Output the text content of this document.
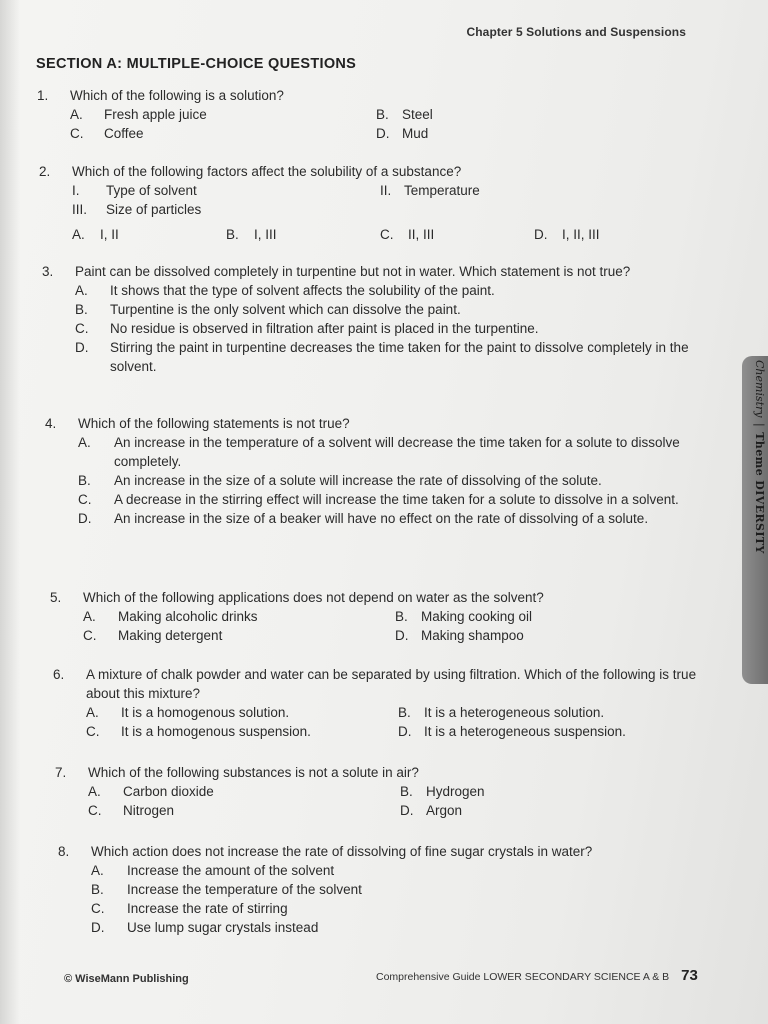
Chapter 5 Solutions and Suspensions
SECTION A: MULTIPLE-CHOICE QUESTIONS
1. Which of the following is a solution?
A.	Fresh apple juice	B. Steel
C.	Coffee	D. Mud
2. Which of the following factors affect the solubility of a substance?
I.	Type of solvent	II. Temperature
III.	Size of particles
A.	I, II	B.	I, III	C.	II, III	D.	I, II, III
3. Paint can be dissolved completely in turpentine but not in water. Which statement is not true?
A.	It shows that the type of solvent affects the solubility of the paint.
B.	Turpentine is the only solvent which can dissolve the paint.
C.	No residue is observed in filtration after paint is placed in the turpentine.
D.	Stirring the paint in turpentine decreases the time taken for the paint to dissolve completely in the solvent.
4. Which of the following statements is not true?
A.	An increase in the temperature of a solvent will decrease the time taken for a solute to dissolve completely.
B.	An increase in the size of a solute will increase the rate of dissolving of the solute.
C.	A decrease in the stirring effect will increase the time taken for a solute to dissolve in a solvent.
D.	An increase in the size of a beaker will have no effect on the rate of dissolving of a solute.
5. Which of the following applications does not depend on water as the solvent?
A.	Making alcoholic drinks	B. Making cooking oil
C.	Making detergent	D. Making shampoo
6. A mixture of chalk powder and water can be separated by using filtration. Which of the following is true about this mixture?
A.	It is a homogenous solution.	B. It is a heterogeneous solution.
C.	It is a homogenous suspension.	D. It is a heterogeneous suspension.
7. Which of the following substances is not a solute in air?
A.	Carbon dioxide	B. Hydrogen
C.	Nitrogen	D. Argon
8. Which action does not increase the rate of dissolving of fine sugar crystals in water?
A.	Increase the amount of the solvent
B.	Increase the temperature of the solvent
C.	Increase the rate of stirring
D.	Use lump sugar crystals instead
Chemistry | Theme DIVERSITY
© WiseMann Publishing	Comprehensive Guide LOWER SECONDARY SCIENCE A & B 73
